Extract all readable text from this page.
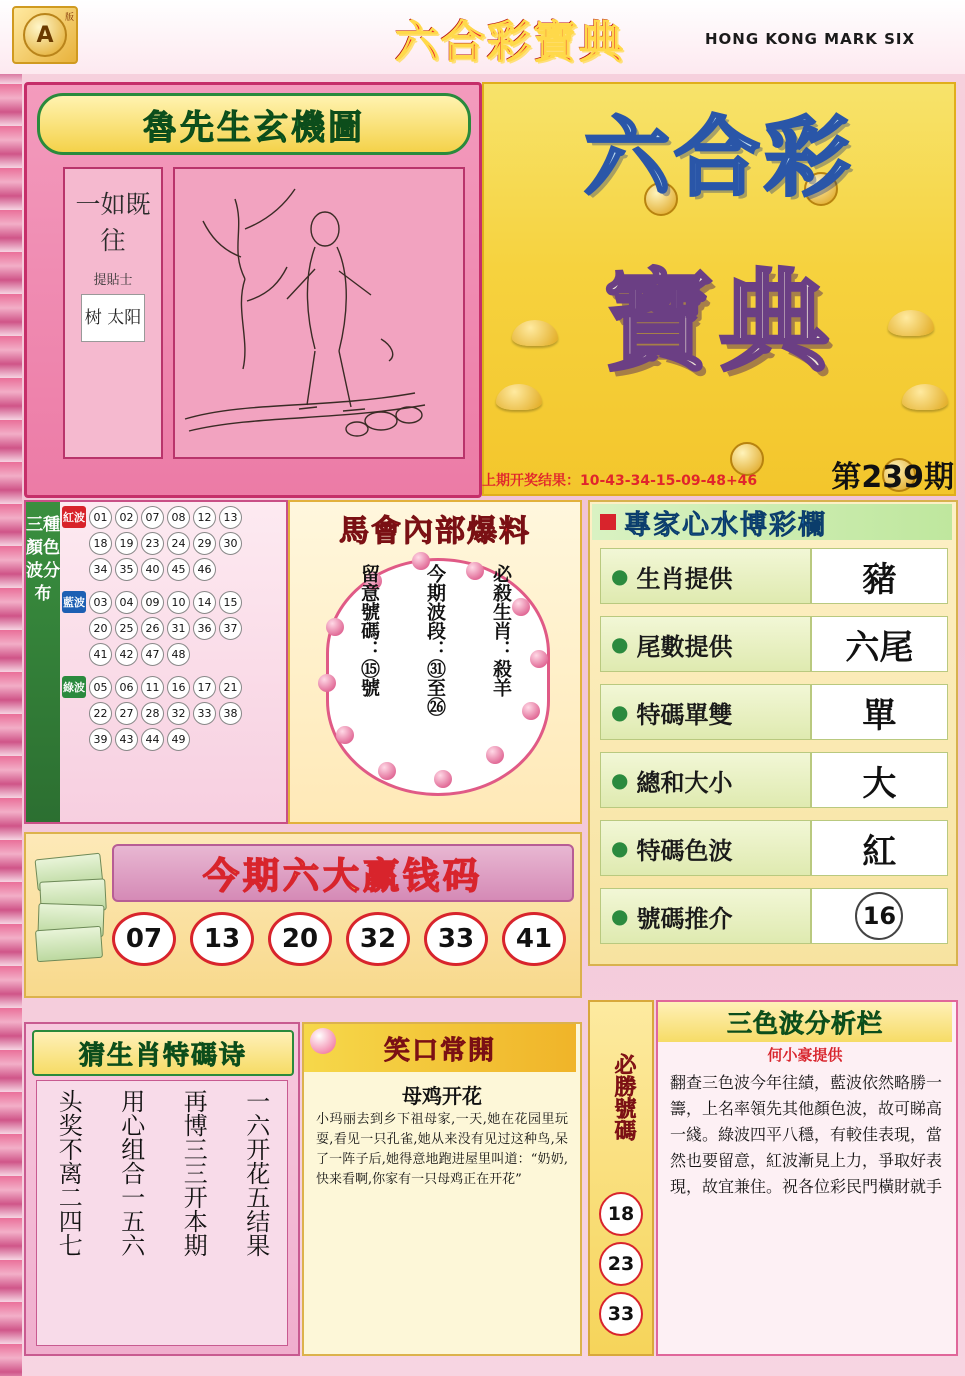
A
版	六合彩寶典	HONG KONG MARK SIX
魯先生玄機圖
一如既往
提貼士
树 太阳
六合彩
寶典
上期开奖结果：10-43-34-15-09-48+46	第239期
三種顏色波分布
紅波 01	02	07	08	12	13
18	19	23	24	29	30
34	35	40	45	46
藍波 03	04	09	10	14	15
20	25	26	31	36	37
41	42	47	48
綠波 05	06	11	16	17	21
22	27	28	32	33	38
39	43	44	49
馬會內部爆料
必殺生肖：殺羊
今期波段：㉛至㉖
留意號碼：⑮號
專家心水博彩欄
● 生肖提供	豬
● 尾數提供	六尾
● 特碼單雙	單
● 總和大小	大
● 特碼色波	紅
● 號碼推介	16
今期六大赢钱码
07	13	20	32	33	41
猜生肖特碼诗
一六开花五结果
再博三三开本期
用心组合一五六
头奖不离二四七
笑口常開
母鸡开花
小玛丽去到乡下祖母家,一天,她在花园里玩耍,看见一只孔雀,她从来没有见过这种鸟,呆了一阵子后,她得意地跑进屋里叫道：“奶奶,快来看啊,你家有一只母鸡正在开花”
必勝號碼
18
23
33
三色波分析栏
何小豪提供
翻查三色波今年往績，藍波依然略勝一籌，上名率領先其他顏色波，故可睇高一綫。綠波四平八穩，有較佳表現，當然也要留意，紅波漸見上力，爭取好表現，故宜兼住。祝各位彩民門橫財就手
